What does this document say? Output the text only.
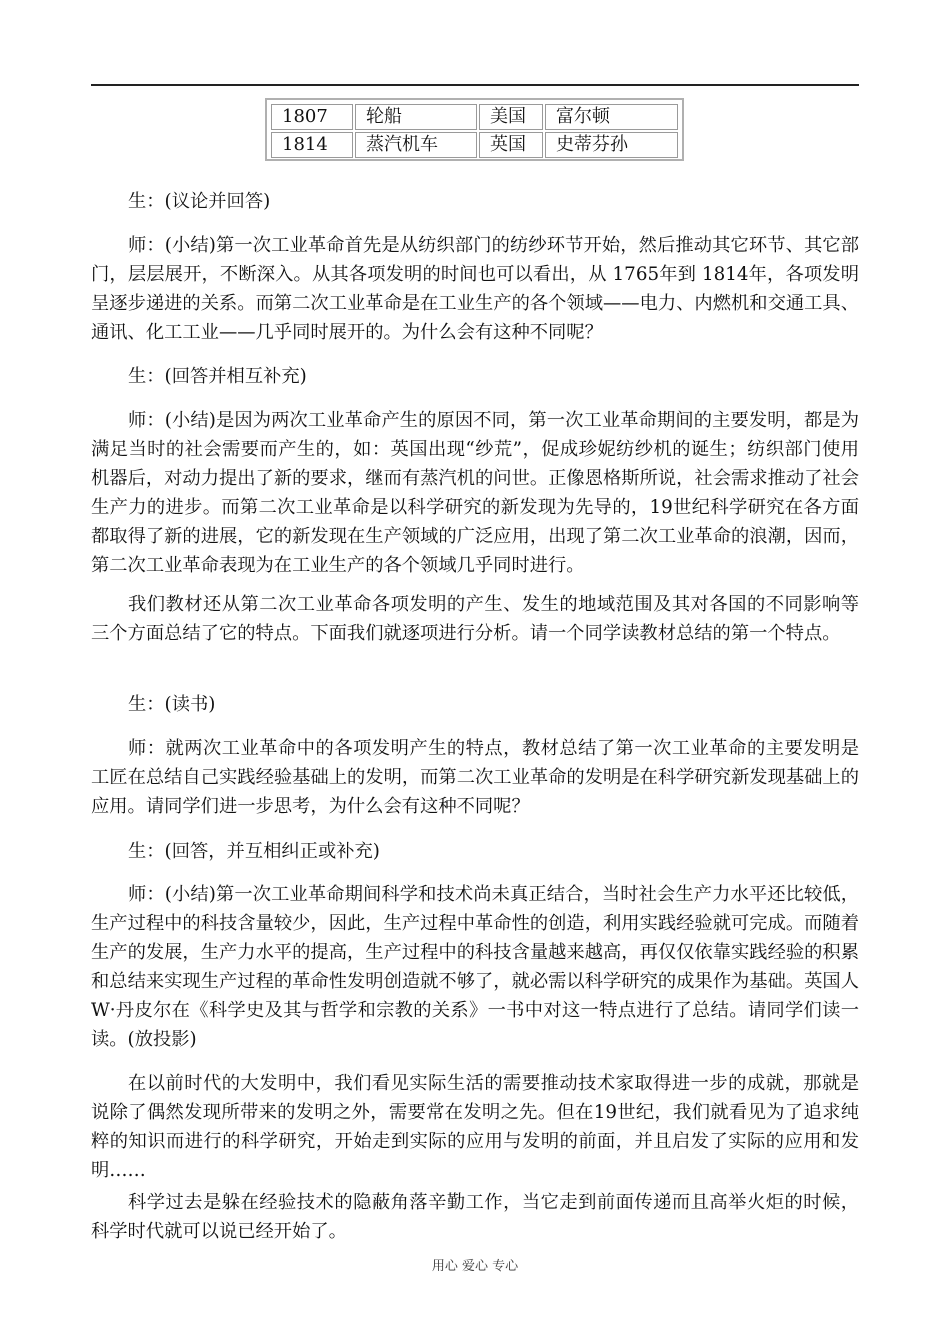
1807	轮船	美国	富尔顿
1814	蒸汽机车	英国	史蒂芬孙

生：(议论并回答)

师：(小结)第一次工业革命首先是从纺织部门的纺纱环节开始，然后推动其它环节、其它部门，层层展开，不断深入。从其各项发明的时间也可以看出，从 1765年到 1814年，各项发明呈逐步递进的关系。而第二次工业革命是在工业生产的各个领域——电力、内燃机和交通工具、通讯、化工工业——几乎同时展开的。为什么会有这种不同呢？

生：(回答并相互补充)

师：(小结)是因为两次工业革命产生的原因不同，第一次工业革命期间的主要发明，都是为满足当时的社会需要而产生的，如：英国出现“纱荒”，促成珍妮纺纱机的诞生；纺织部门使用机器后，对动力提出了新的要求，继而有蒸汽机的问世。正像恩格斯所说，社会需求推动了社会生产力的进步。而第二次工业革命是以科学研究的新发现为先导的，19世纪科学研究在各方面都取得了新的进展，它的新发现在生产领域的广泛应用，出现了第二次工业革命的浪潮，因而，第二次工业革命表现为在工业生产的各个领域几乎同时进行。

我们教材还从第二次工业革命各项发明的产生、发生的地域范围及其对各国的不同影响等三个方面总结了它的特点。下面我们就逐项进行分析。请一个同学读教材总结的第一个特点。

生：(读书)

师：就两次工业革命中的各项发明产生的特点，教材总结了第一次工业革命的主要发明是工匠在总结自己实践经验基础上的发明，而第二次工业革命的发明是在科学研究新发现基础上的应用。请同学们进一步思考，为什么会有这种不同呢？

生：(回答，并互相纠正或补充)

师：(小结)第一次工业革命期间科学和技术尚未真正结合，当时社会生产力水平还比较低，生产过程中的科技含量较少，因此，生产过程中革命性的创造，利用实践经验就可完成。而随着生产的发展，生产力水平的提高，生产过程中的科技含量越来越高，再仅仅依靠实践经验的积累和总结来实现生产过程的革命性发明创造就不够了，就必需以科学研究的成果作为基础。英国人W·丹皮尔在《科学史及其与哲学和宗教的关系》一书中对这一特点进行了总结。请同学们读一读。(放投影)

在以前时代的大发明中，我们看见实际生活的需要推动技术家取得进一步的成就，那就是说除了偶然发现所带来的发明之外，需要常在发明之先。但在19世纪，我们就看见为了追求纯粹的知识而进行的科学研究，开始走到实际的应用与发明的前面，并且启发了实际的应用和发明……

科学过去是躲在经验技术的隐蔽角落辛勤工作，当它走到前面传递而且高举火炬的时候，科学时代就可以说已经开始了。

用心 爱心 专心
